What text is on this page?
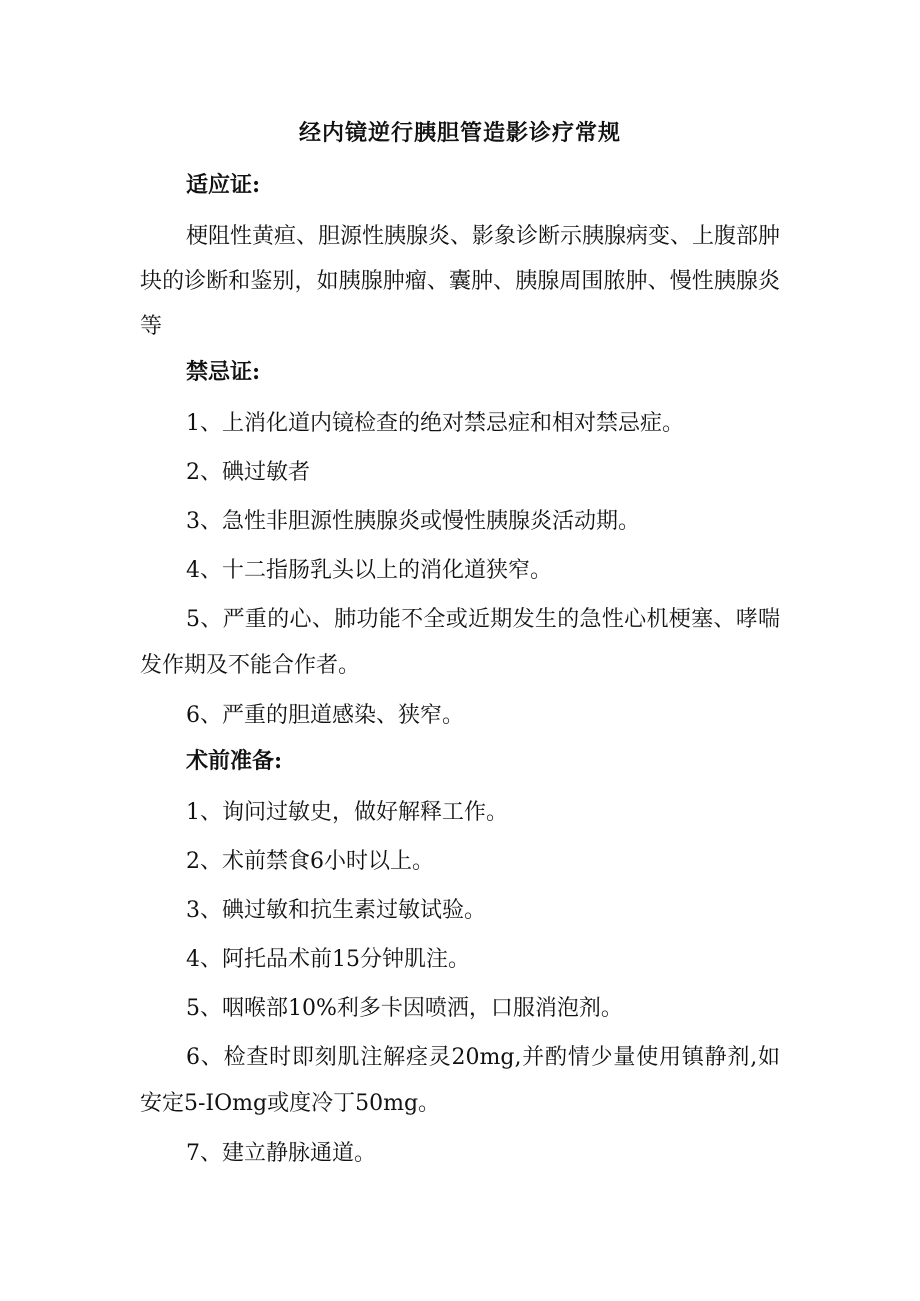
经内镜逆行胰胆管造影诊疗常规
适应证:
梗阻性黄疸、胆源性胰腺炎、影象诊断示胰腺病变、上腹部肿块的诊断和鉴别，如胰腺肿瘤、囊肿、胰腺周围脓肿、慢性胰腺炎等
禁忌证:
1、上消化道内镜检查的绝对禁忌症和相对禁忌症。
2、碘过敏者
3、急性非胆源性胰腺炎或慢性胰腺炎活动期。
4、十二指肠乳头以上的消化道狭窄。
5、严重的心、肺功能不全或近期发生的急性心机梗塞、哮喘发作期及不能合作者。
6、严重的胆道感染、狭窄。
术前准备:
1、询问过敏史，做好解释工作。
2、术前禁食6小时以上。
3、碘过敏和抗生素过敏试验。
4、阿托品术前15分钟肌注。
5、咽喉部10%利多卡因喷洒，口服消泡剂。
6、检查时即刻肌注解痉灵20mg,并酌情少量使用镇静剂,如安定5-IOmg或度冷丁50mg。
7、建立静脉通道。
